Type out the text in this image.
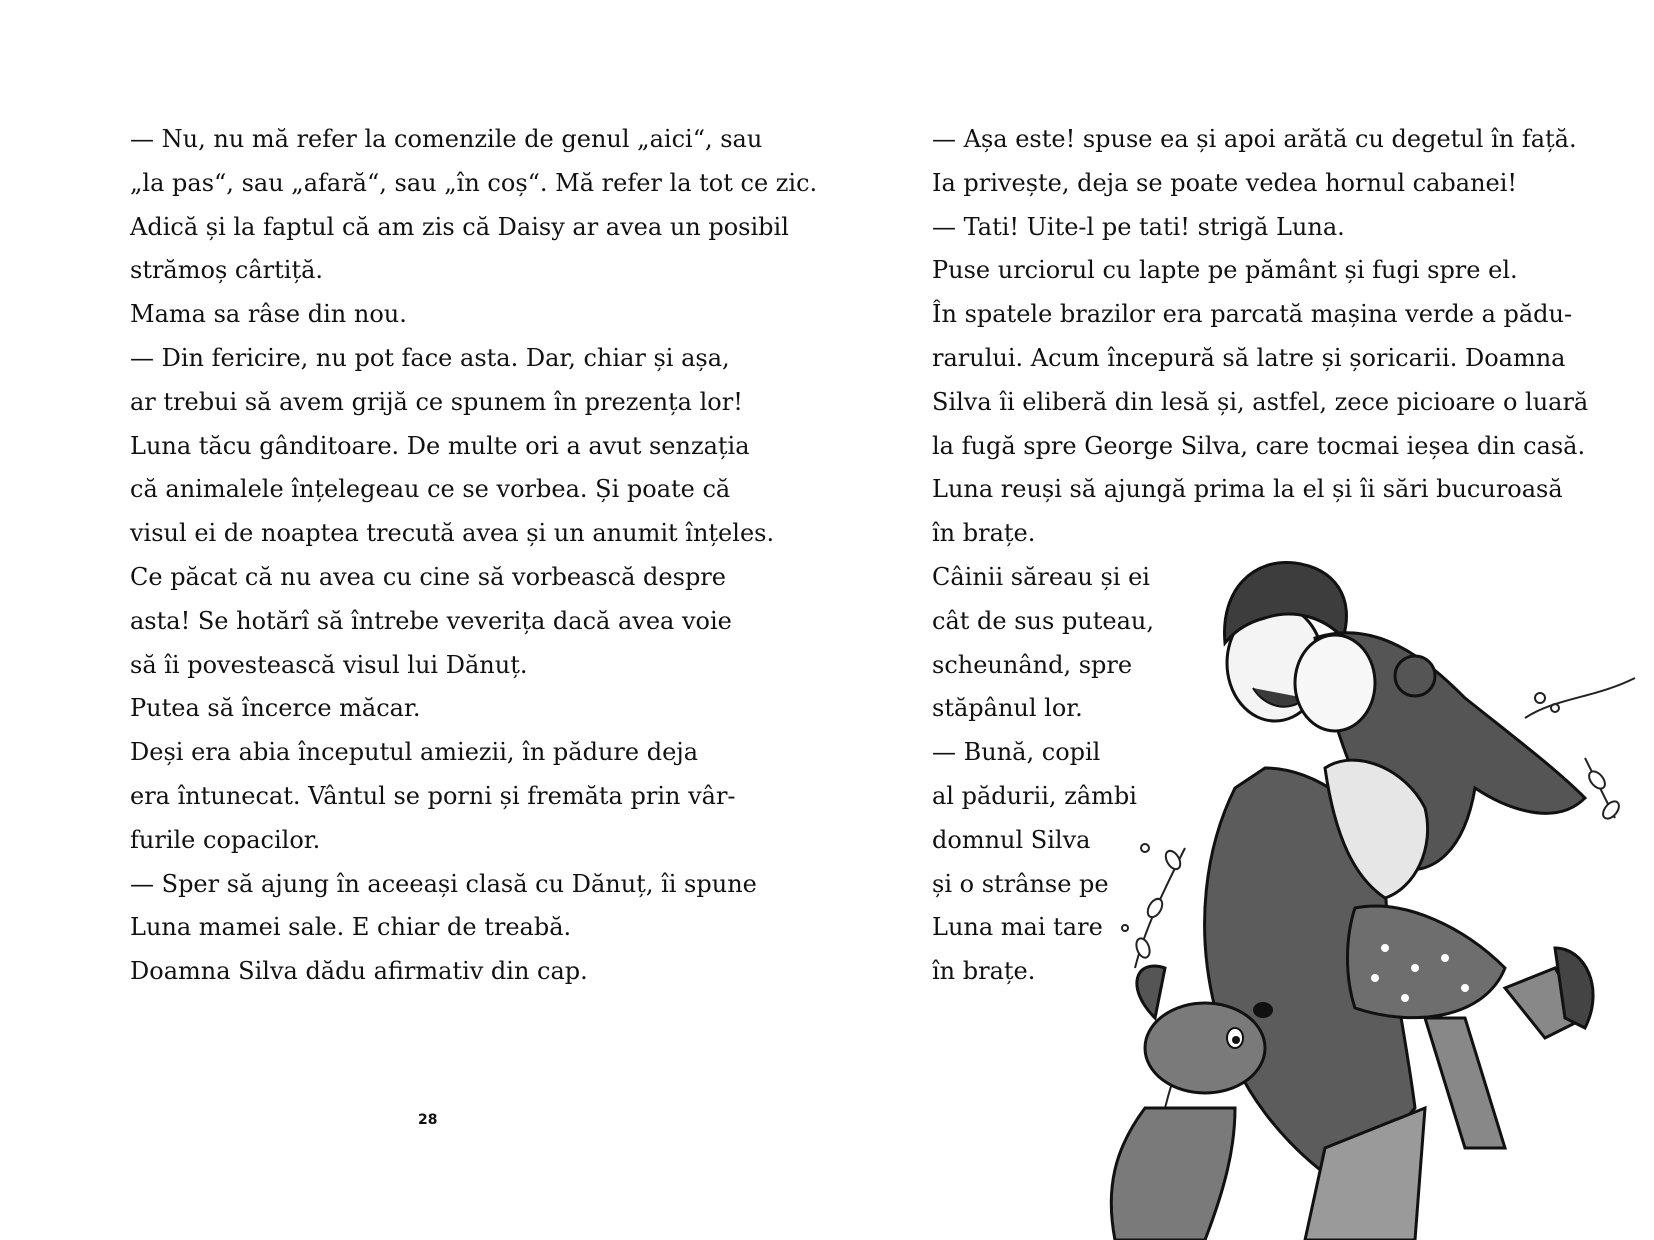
— Nu, nu mă refer la comenzile de genul „aici“, sau
„la pas“, sau „afară“, sau „în coș“. Mă refer la tot ce zic.
Adică și la faptul că am zis că Daisy ar avea un posibil
strămoș cârtiță.
Mama sa râse din nou.
— Din fericire, nu pot face asta. Dar, chiar și așa,
ar trebui să avem grijă ce spunem în prezența lor!
Luna tăcu gânditoare. De multe ori a avut senzația
că animalele înțelegeau ce se vorbea. Și poate că
visul ei de noaptea trecută avea și un anumit înțeles.
Ce păcat că nu avea cu cine să vorbească despre
asta! Se hotărî să întrebe veverița dacă avea voie
să îi povestească visul lui Dănuț.
Putea să încerce măcar.
Deși era abia începutul amiezii, în pădure deja
era întunecat. Vântul se porni și fremăta prin vâr-
furile copacilor.
— Sper să ajung în aceeași clasă cu Dănuț, îi spune
Luna mamei sale. E chiar de treabă.
Doamna Silva dădu afirmativ din cap.
28
— Așa este! spuse ea și apoi arătă cu degetul în față.
Ia privește, deja se poate vedea hornul cabanei!
— Tati! Uite-l pe tati! strigă Luna.
Puse urciorul cu lapte pe pământ și fugi spre el.
În spatele brazilor era parcată mașina verde a pădu-
rarului. Acum începură să latre și șoricarii. Doamna
Silva îi eliberă din lesă și, astfel, zece picioare o luară
la fugă spre George Silva, care tocmai ieșea din casă.
Luna reuși să ajungă prima la el și îi sări bucuroasă
în brațe.
Câinii săreau și ei
cât de sus puteau,
scheunând, spre
stăpânul lor.
— Bună, copil
al pădurii, zâmbi
domnul Silva
și o strânse pe
Luna mai tare
în brațe.
